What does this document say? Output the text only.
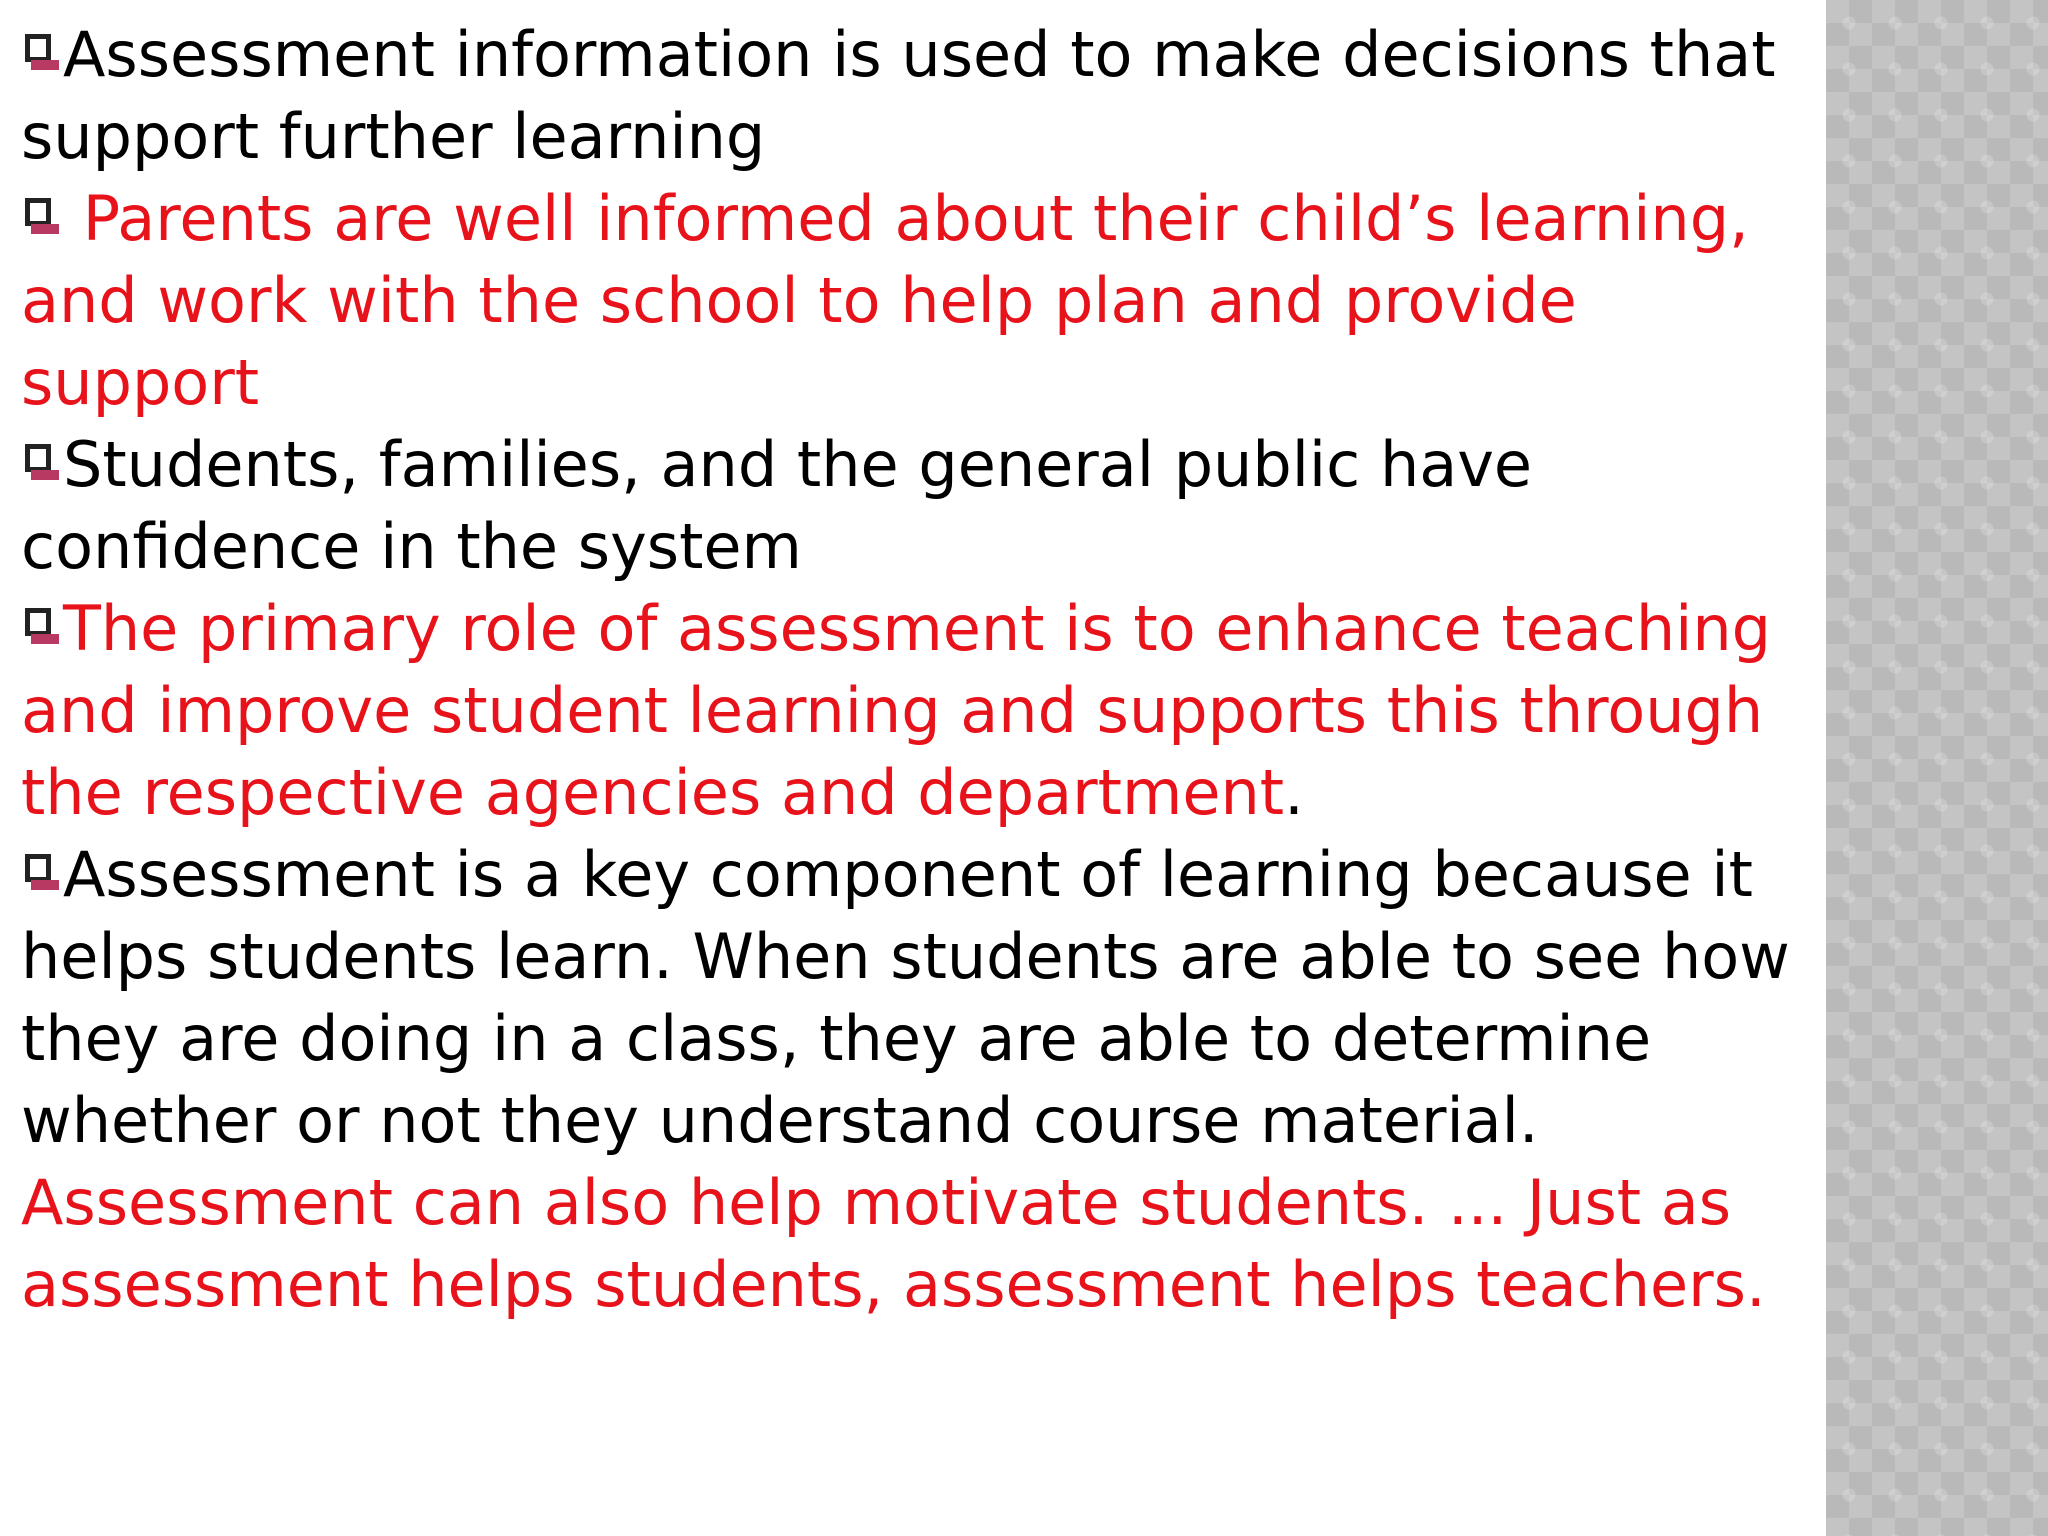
Assessment information is used to make decisions that support further learning

Parents are well informed about their child’s learning, and work with the school to help plan and provide support

Students, families, and the general public have confidence in the system

The primary role of assessment is to enhance teaching and improve student learning and supports this through the respective agencies and department.

Assessment is a key component of learning because it helps students learn. When students are able to see how they are doing in a class, they are able to determine whether or not they understand course material. Assessment can also help motivate students. ... Just as assessment helps students, assessment helps teachers.
